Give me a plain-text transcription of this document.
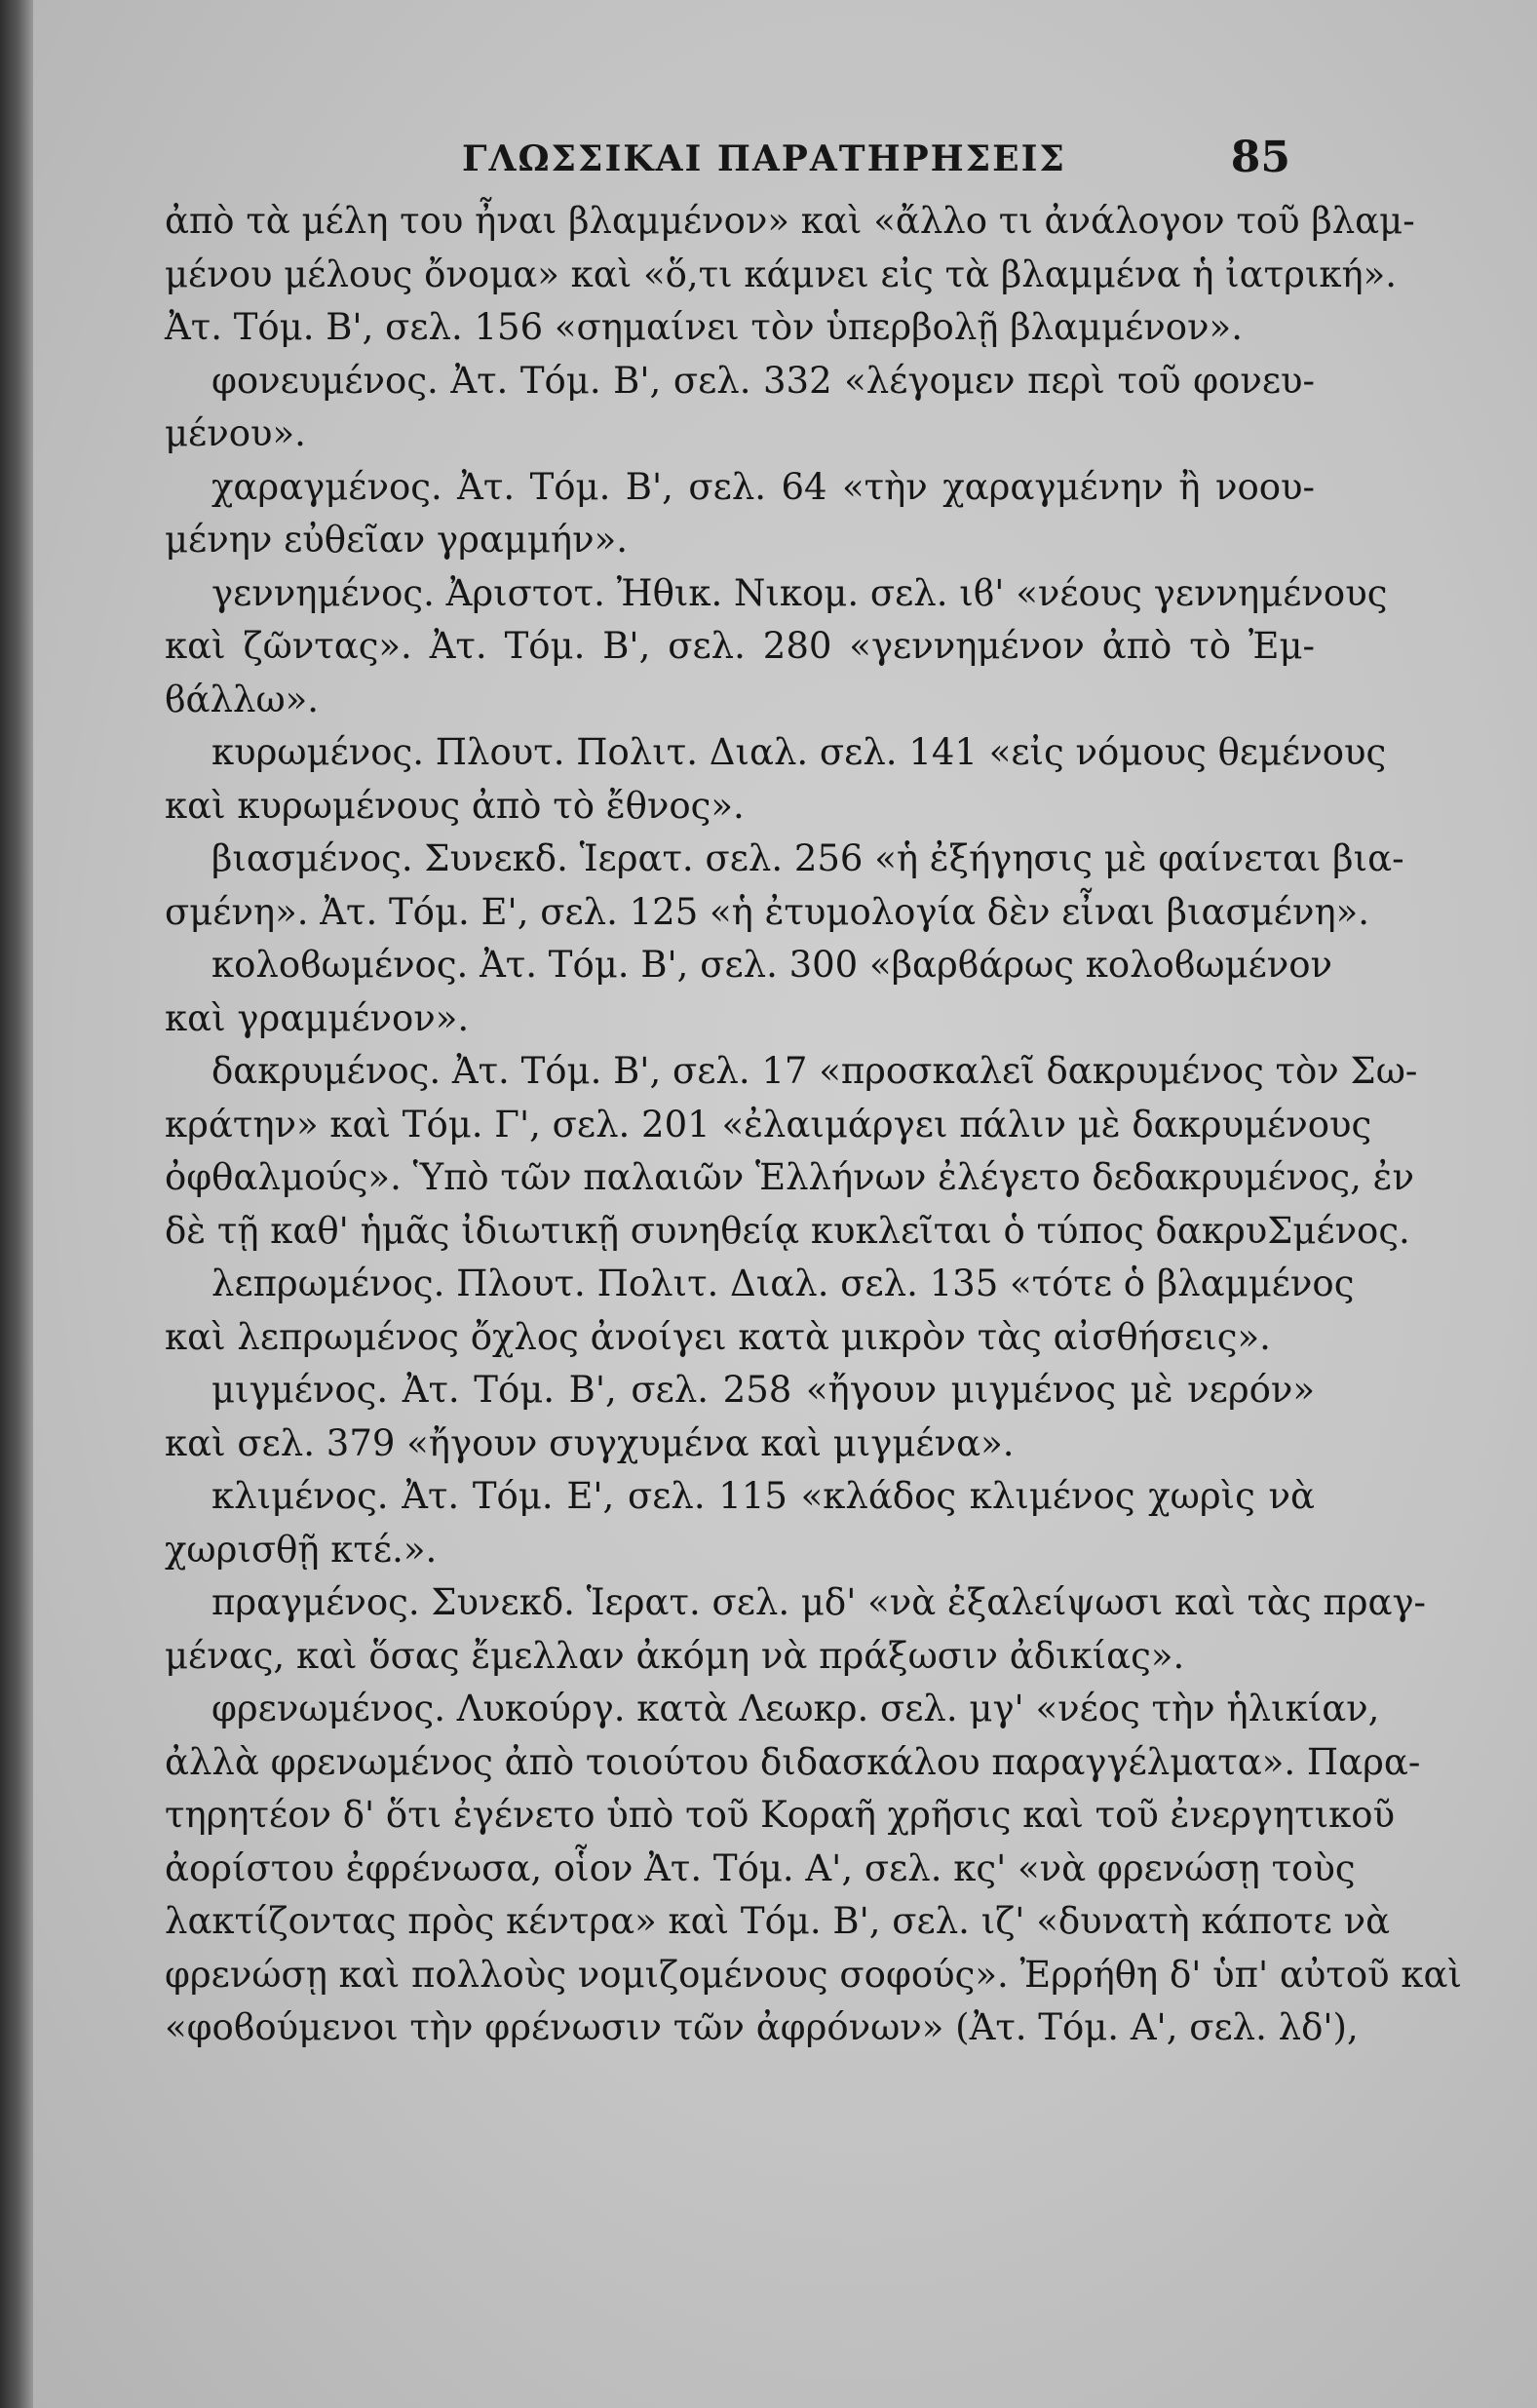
ΓΛΩΣΣΙΚΑΙ ΠΑΡΑΤΗΡΗΣΕΙΣ	85
ἀπὸ τὰ μέλη του ἦναι βλαμμένον» καὶ «ἄλλο τι ἀνάλογον τοῦ βλαμ-
μένου μέλους ὄνομα» καὶ «ὅ,τι κάμνει εἰς τὰ βλαμμένα ἡ ἰατρική».
Ἀτ. Τόμ. Β', σελ. 156 «σημαίνει τὸν ὑπερβολῇ βλαμμένον».
φονευμένος. Ἀτ. Τόμ. Β', σελ. 332 «λέγομεν περὶ τοῦ φονευ-
μένου».
χαραγμένος. Ἀτ. Τόμ. Β', σελ. 64 «τὴν χαραγμένην ἢ νοου-
μένην εὐθεῖαν γραμμήν».
γεννημένος. Ἀριστοτ. Ἠθικ. Νικομ. σελ. ιϐ' «νέους γεννημένους
καὶ ζῶντας». Ἀτ. Τόμ. Β', σελ. 280 «γεννημένον ἀπὸ τὸ Ἐμ-
ϐάλλω».
κυρωμένος. Πλουτ. Πολιτ. Διαλ. σελ. 141 «εἰς νόμους θεμένους
καὶ κυρωμένους ἀπὸ τὸ ἔθνος».
βιασμένος. Συνεκδ. Ἱερατ. σελ. 256 «ἡ ἐξήγησις μὲ φαίνεται βια-
σμένη». Ἀτ. Τόμ. Ε', σελ. 125 «ἡ ἐτυμολογία δὲν εἶναι βιασμένη».
κολοϐωμένος. Ἀτ. Τόμ. Β', σελ. 300 «βαρϐάρως κολοϐωμένον
καὶ γραμμένον».
δακρυμένος. Ἀτ. Τόμ. Β', σελ. 17 «προσκαλεῖ δακρυμένος τὸν Σω-
κράτην» καὶ Τόμ. Γ', σελ. 201 «ἐλαιμάργει πάλιν μὲ δακρυμένους
ὀφθαλμούς». Ὑπὸ τῶν παλαιῶν Ἑλλήνων ἐλέγετο δεδακρυμένος, ἐν
δὲ τῇ καθ' ἡμᾶς ἰδιωτικῇ συνηθείᾳ κυκλεῖται ὁ τύπος δακρυΣμένος.
λεπρωμένος. Πλουτ. Πολιτ. Διαλ. σελ. 135 «τότε ὁ βλαμμένος
καὶ λεπρωμένος ὄχλος ἀνοίγει κατὰ μικρὸν τὰς αἰσθήσεις».
μιγμένος. Ἀτ. Τόμ. Β', σελ. 258 «ἤγουν μιγμένος μὲ νερόν»
καὶ σελ. 379 «ἤγουν συγχυμένα καὶ μιγμένα».
κλιμένος. Ἀτ. Τόμ. Ε', σελ. 115 «κλάδος κλιμένος χωρὶς νὰ
χωρισθῇ κτέ.».
πραγμένος. Συνεκδ. Ἱερατ. σελ. μδ' «νὰ ἐξαλείψωσι καὶ τὰς πραγ-
μένας, καὶ ὅσας ἔμελλαν ἀκόμη νὰ πράξωσιν ἀδικίας».
φρενωμένος. Λυκούργ. κατὰ Λεωκρ. σελ. μγ' «νέος τὴν ἡλικίαν,
ἀλλὰ φρενωμένος ἀπὸ τοιούτου διδασκάλου παραγγέλματα». Παρα-
τηρητέον δ' ὅτι ἐγένετο ὑπὸ τοῦ Κοραῆ χρῆσις καὶ τοῦ ἐνεργητικοῦ
ἀορίστου ἐφρένωσα, οἷον Ἀτ. Τόμ. Α', σελ. κς' «νὰ φρενώσῃ τοὺς
λακτίζοντας πρὸς κέντρα» καὶ Τόμ. Β', σελ. ιζ' «δυνατὴ κάποτε νὰ
φρενώσῃ καὶ πολλοὺς νομιζομένους σοφούς». Ἐρρήθη δ' ὑπ' αὐτοῦ καὶ
«φοϐούμενοι τὴν φρένωσιν τῶν ἀφρόνων» (Ἀτ. Τόμ. Α', σελ. λδ'),
